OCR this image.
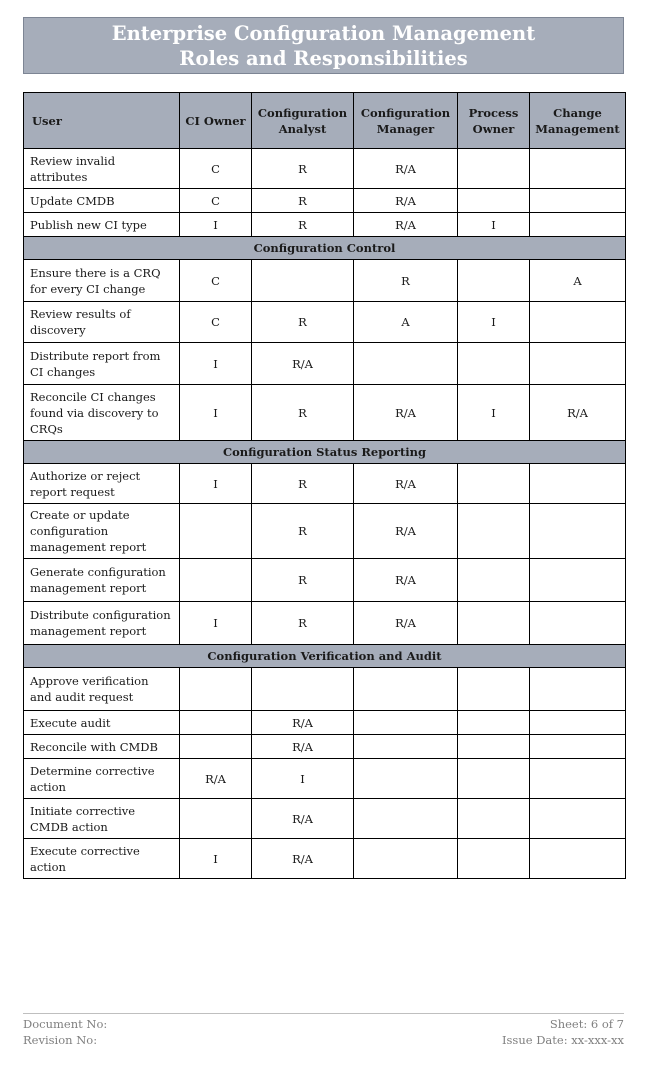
Enterprise Configuration Management
Roles and Responsibilities
User	CI Owner	Configuration Analyst	Configuration Manager	Process Owner	Change Management
Review invalid attributes	C	R	R/A		
Update CMDB	C	R	R/A		
Publish new CI type	I	R	R/A	I	
Configuration Control					
Ensure there is a CRQ for every CI change	C		R		A
Review results of discovery	C	R	A	I	
Distribute report from CI changes	I	R/A			
Reconcile CI changes found via discovery to CRQs	I	R	R/A	I	R/A
Configuration Status Reporting					
Authorize or reject report request	I	R	R/A		
Create or update configuration management report		R	R/A		
Generate configuration management report		R	R/A		
Distribute configuration management report	I	R	R/A		
Configuration Verification and Audit					
Approve verification and audit request					
Execute audit		R/A			
Reconcile with CMDB		R/A			
Determine corrective action	R/A	I			
Initiate corrective CMDB action		R/A			
Execute corrective action	I	R/A			
Document No:	Sheet: 6 of 7
Revision No:	Issue Date: xx-xxx-xx
